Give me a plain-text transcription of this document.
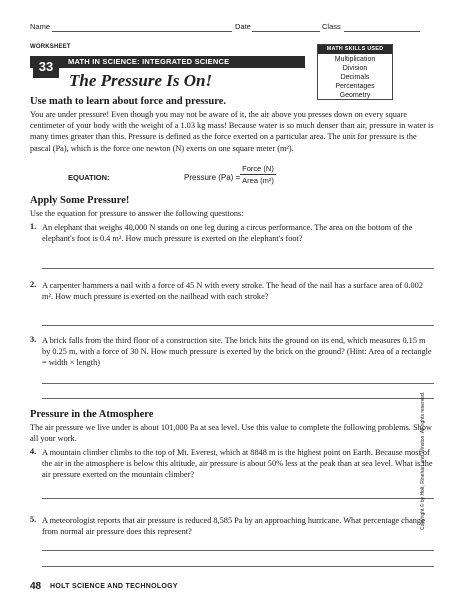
Name	Date	Class
WORKSHEET
33	MATH IN SCIENCE: INTEGRATED SCIENCE
The Pressure Is On!
MATH SKILLS USED
Multiplication
Division
Decimals
Percentages
Geometry
Use math to learn about force and pressure.
You are under pressure! Even though you may not be aware of it, the air above you presses down on every square centimeter of your body with the weight of a 1.03 kg mass! Because water is so much denser than air, pressure in water is many times greater than this. Pressure is defined as the force exerted on a particular area. The unit for pressure is the pascal (Pa), which is the force one newton (N) exerts on one square meter (m²).
EQUATION:	Pressure (Pa) =
Force (N)
Area (m²)
Apply Some Pressure!
Use the equation for pressure to answer the following questions:
1. An elephant that weighs 40,000 N stands on one leg during a circus performance. The area on the bottom of the elephant's foot is 0.4 m². How much pressure is exerted on the elephant's foot?
2. A carpenter hammers a nail with a force of 45 N with every stroke. The head of the nail has a surface area of 0.002 m². How much pressure is exerted on the nailhead with each stroke?
3. A brick falls from the third floor of a construction site. The brick hits the ground on its end, which measures 0.15 m by 0.25 m, with a force of 30 N. How much pressure is exerted by the brick on the ground? (Hint: Area of a rectangle = width × length)
Pressure in the Atmosphere
The air pressure we live under is about 101,000 Pa at sea level. Use this value to complete the following problems. Show all your work.
4. A mountain climber climbs to the top of Mt. Everest, which at 8848 m is the highest point on Earth. Because most of the air in the atmosphere is below this altitude, air pressure is about 50% less at the peak than at sea level. What is the air pressure exerted on the mountain climber?
5. A meteorologist reports that air pressure is reduced 8,585 Pa by an approaching hurricane. What percentage change from normal air pressure does this represent?
Copyright © by Holt, Rinehart and Winston. All rights reserved.
48 HOLT SCIENCE AND TECHNOLOGY
